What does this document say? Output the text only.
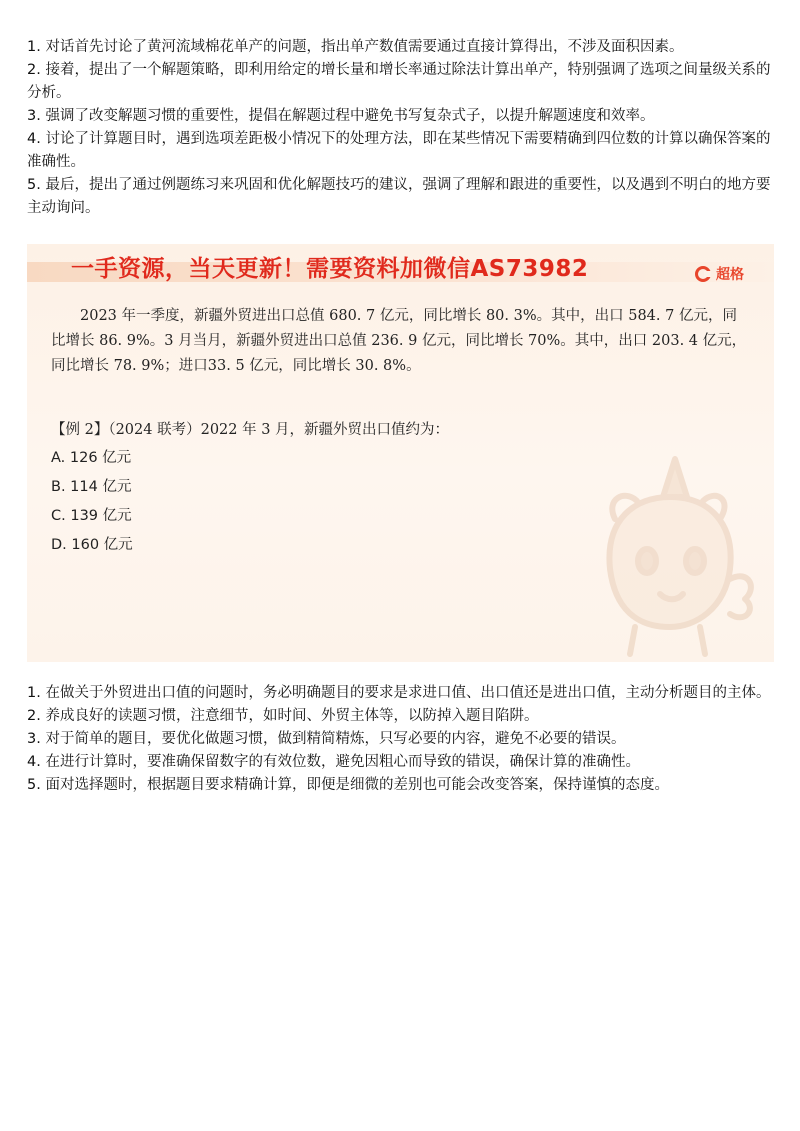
1. 对话首先讨论了黄河流域棉花单产的问题，指出单产数值需要通过直接计算得出，不涉及面积因素。

2. 接着，提出了一个解题策略，即利用给定的增长量和增长率通过除法计算出单产，特别强调了选项之间量级关系的分析。

3. 强调了改变解题习惯的重要性，提倡在解题过程中避免书写复杂式子，以提升解题速度和效率。

4. 讨论了计算题目时，遇到选项差距极小情况下的处理方法，即在某些情况下需要精确到四位数的计算以确保答案的准确性。

5. 最后，提出了通过例题练习来巩固和优化解题技巧的建议，强调了理解和跟进的重要性，以及遇到不明白的地方要主动询问。

一手资源，当天更新！需要资料加微信AS73982	超格
2023 年一季度，新疆外贸进出口总值 680. 7 亿元，同比增长 80. 3%。其中，出口 584. 7 亿元，同比增长 86. 9%。3 月当月，新疆外贸进出口总值 236. 9 亿元，同比增长 70%。其中，出口 203. 4 亿元，同比增长 78. 9%；进口33. 5 亿元，同比增长 30. 8%。
【例 2】（2024 联考）2022 年 3 月，新疆外贸出口值约为：
A. 126 亿元
B. 114 亿元
C. 139 亿元
D. 160 亿元

1. 在做关于外贸进出口值的问题时，务必明确题目的要求是求进口值、出口值还是进出口值，主动分析题目的主体。

2. 养成良好的读题习惯，注意细节，如时间、外贸主体等，以防掉入题目陷阱。

3. 对于简单的题目，要优化做题习惯，做到精简精炼，只写必要的内容，避免不必要的错误。

4. 在进行计算时，要准确保留数字的有效位数，避免因粗心而导致的错误，确保计算的准确性。

5. 面对选择题时，根据题目要求精确计算，即便是细微的差别也可能会改变答案，保持谨慎的态度。
